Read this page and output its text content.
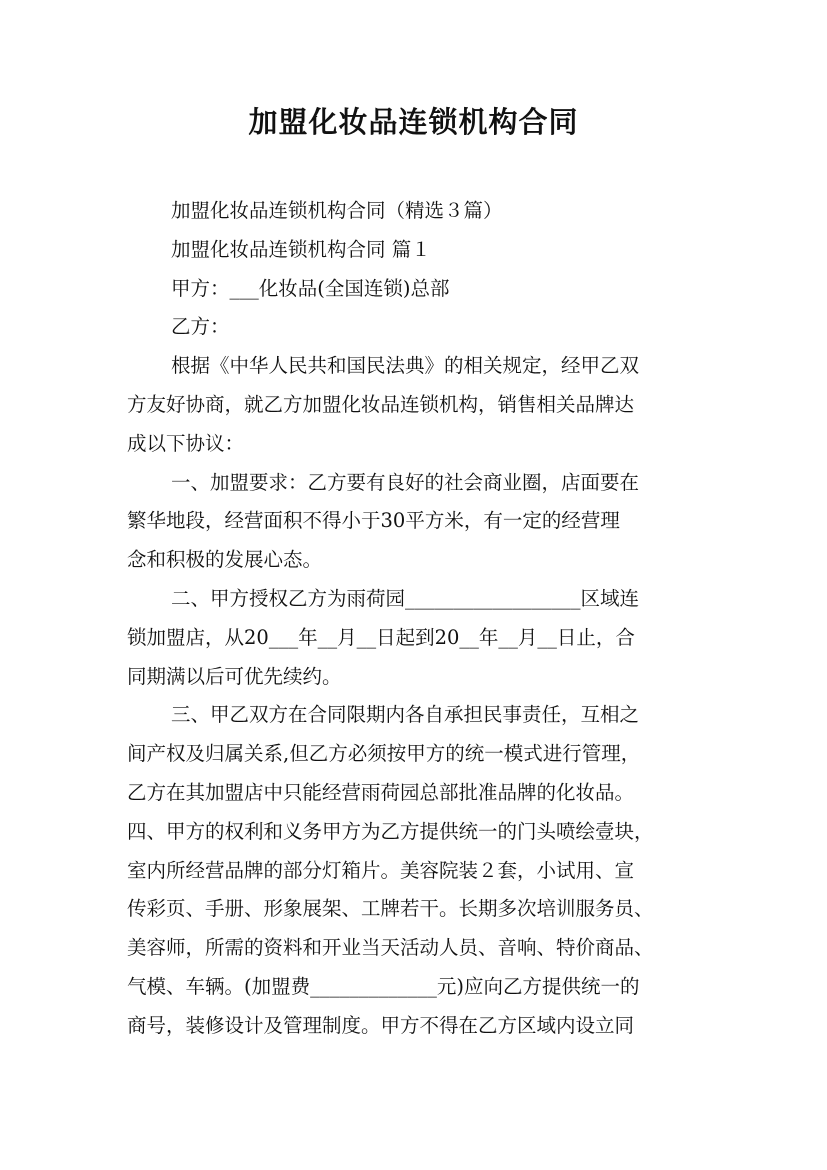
加盟化妆品连锁机构合同
加盟化妆品连锁机构合同（精选３篇）
加盟化妆品连锁机构合同 篇１
甲方：___化妆品(全国连锁)总部
乙方：
根据《中华人民共和国民法典》的相关规定，经甲乙双
方友好协商，就乙方加盟化妆品连锁机构，销售相关品牌达
成以下协议：
一、加盟要求：乙方要有良好的社会商业圈，店面要在
繁华地段，经营面积不得小于30平方米，有一定的经营理
念和积极的发展心态。
二、甲方授权乙方为雨荷园__________________区域连
锁加盟店，从20___年__月__日起到20__年__月__日止，合
同期满以后可优先续约。
三、甲乙双方在合同限期内各自承担民事责任，互相之
间产权及归属关系,但乙方必须按甲方的统一模式进行管理，
乙方在其加盟店中只能经营雨荷园总部批准品牌的化妆品。
四、甲方的权利和义务甲方为乙方提供统一的门头喷绘壹块，
室内所经营品牌的部分灯箱片。美容院装２套，小试用、宣
传彩页、手册、形象展架、工牌若干。长期多次培训服务员、
美容师，所需的资料和开业当天活动人员、音响、特价商品、
气模、车辆。(加盟费_____________元)应向乙方提供统一的
商号，装修设计及管理制度。甲方不得在乙方区域内设立同
